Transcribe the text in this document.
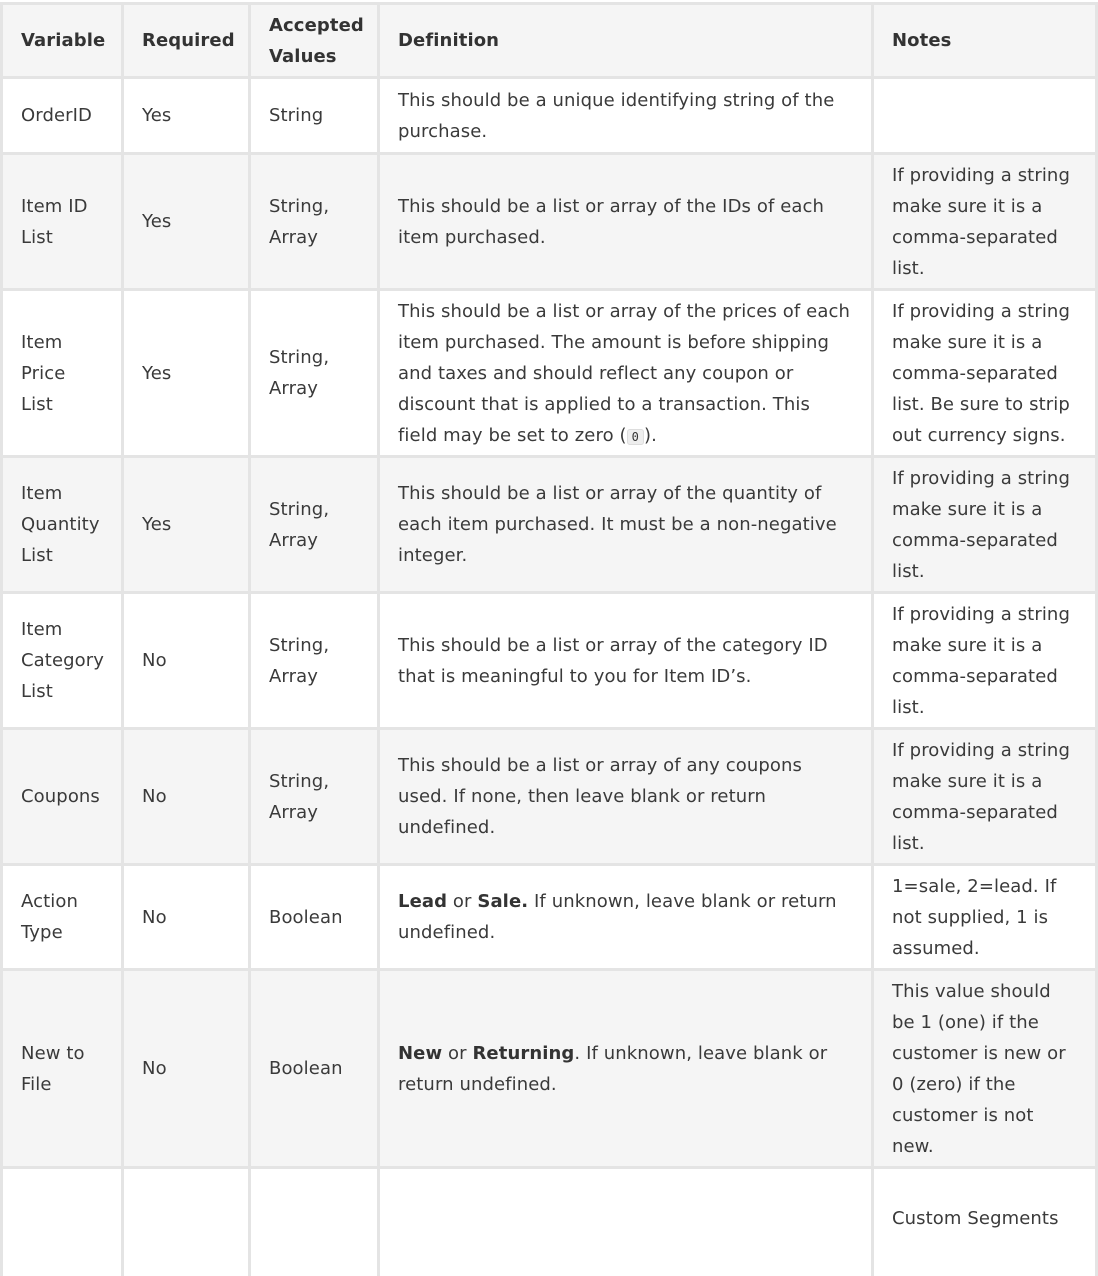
Variable	Required	Accepted Values	Definition	Notes
OrderID	Yes	String	This should be a unique identifying string of the purchase.	
Item ID List	Yes	String, Array	This should be a list or array of the IDs of each item purchased.	If providing a string make sure it is a comma-separated list.
Item Price List	Yes	String, Array	This should be a list or array of the prices of each item purchased. The amount is before shipping and taxes and should reflect any coupon or discount that is applied to a transaction. This field may be set to zero ( 0 ).	If providing a string make sure it is a comma-separated list. Be sure to strip out currency signs.
Item Quantity List	Yes	String, Array	This should be a list or array of the quantity of each item purchased. It must be a non-negative integer.	If providing a string make sure it is a comma-separated list.
Item Category List	No	String, Array	This should be a list or array of the category ID that is meaningful to you for Item ID’s.	If providing a string make sure it is a comma-separated list.
Coupons	No	String, Array	This should be a list or array of any coupons used. If none, then leave blank or return undefined.	If providing a string make sure it is a comma-separated list.
Action Type	No	Boolean	Lead or Sale. If unknown, leave blank or return undefined.	1=sale, 2=lead. If not supplied, 1 is assumed.
New to File	No	Boolean	New or Returning. If unknown, leave blank or return undefined.	This value should be 1 (one) if the customer is new or 0 (zero) if the customer is not new.

				Custom Segments
